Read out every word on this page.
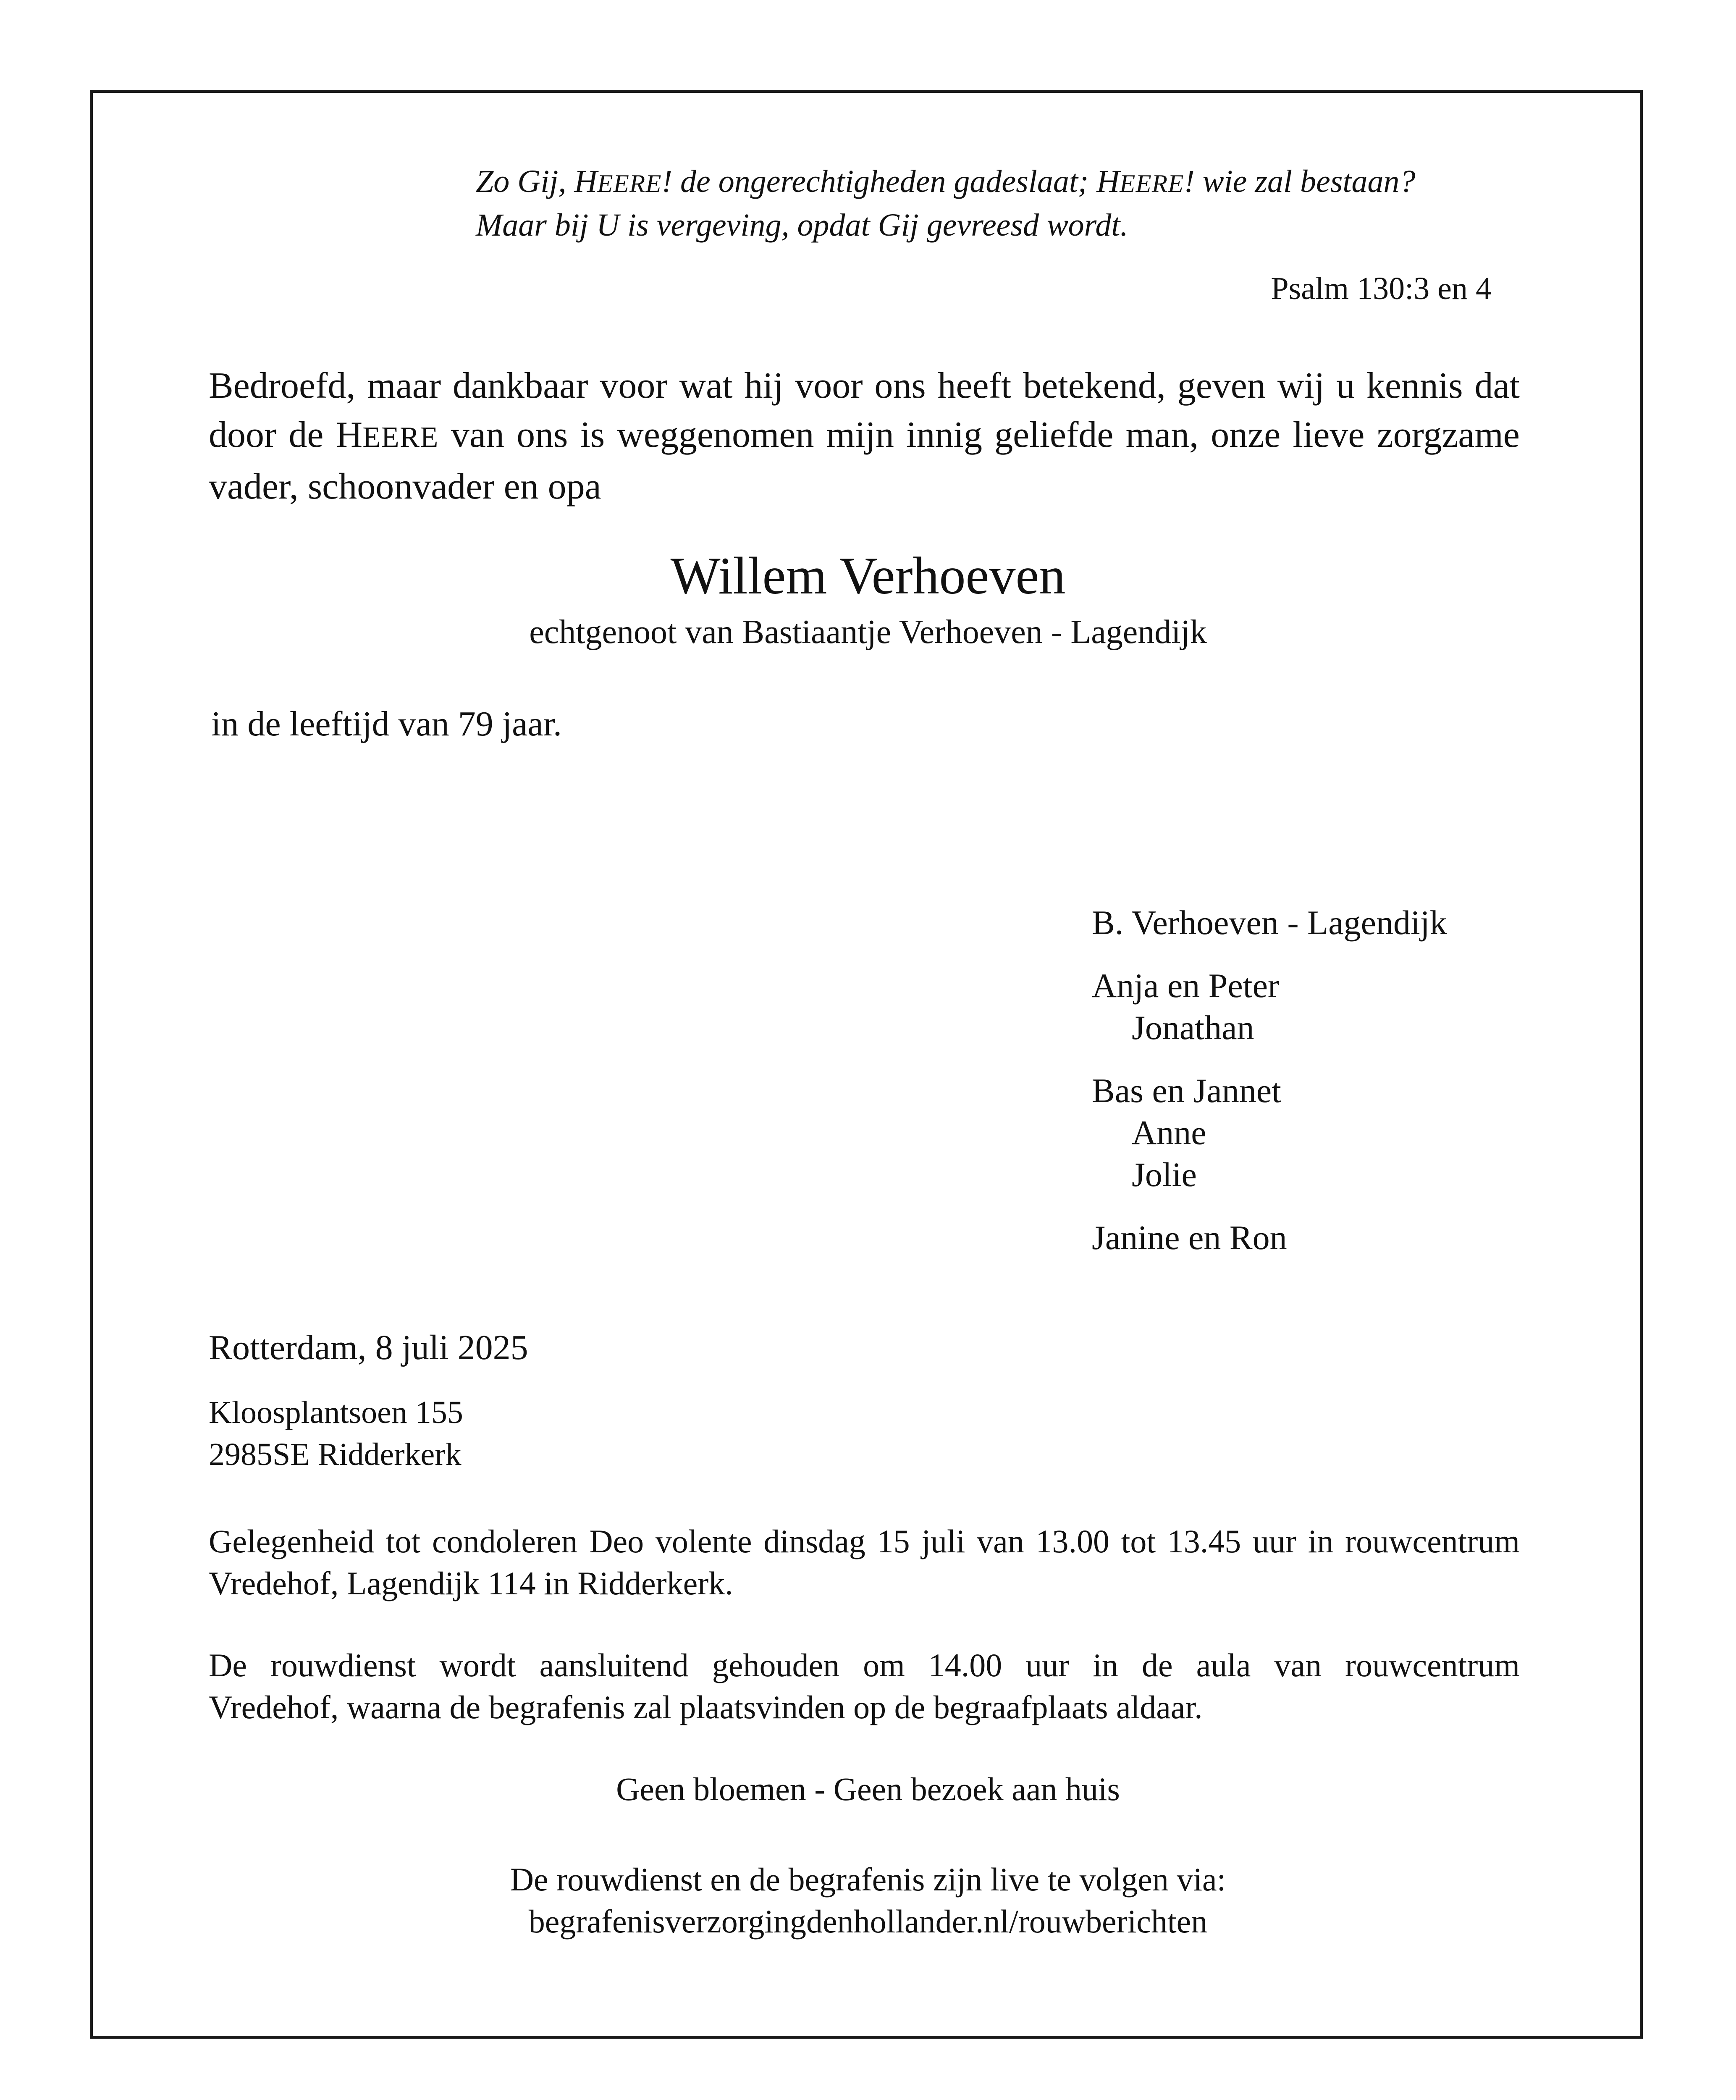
Zo Gij, HEERE! de ongerechtigheden gadeslaat; HEERE! wie zal bestaan?
Maar bij U is vergeving, opdat Gij gevreesd wordt.
Psalm 130:3 en 4
Bedroefd, maar dankbaar voor wat hij voor ons heeft betekend, geven wij u kennis dat
door de HEERE van ons is weggenomen mijn innig geliefde man, onze lieve zorgzame
vader, schoonvader en opa
Willem Verhoeven
echtgenoot van Bastiaantje Verhoeven - Lagendijk
in de leeftijd van 79 jaar.
B. Verhoeven - Lagendijk
Anja en Peter
Jonathan
Bas en Jannet
Anne
Jolie
Janine en Ron
Rotterdam, 8 juli 2025
Kloosplantsoen 155
2985SE Ridderkerk
Gelegenheid tot condoleren Deo volente dinsdag 15 juli van 13.00 tot 13.45 uur in rouwcentrum
Vredehof, Lagendijk 114 in Ridderkerk.
De rouwdienst wordt aansluitend gehouden om 14.00 uur in de aula van rouwcentrum
Vredehof, waarna de begrafenis zal plaatsvinden op de begraafplaats aldaar.
Geen bloemen - Geen bezoek aan huis
De rouwdienst en de begrafenis zijn live te volgen via:
begrafenisverzorgingdenhollander.nl/rouwberichten
